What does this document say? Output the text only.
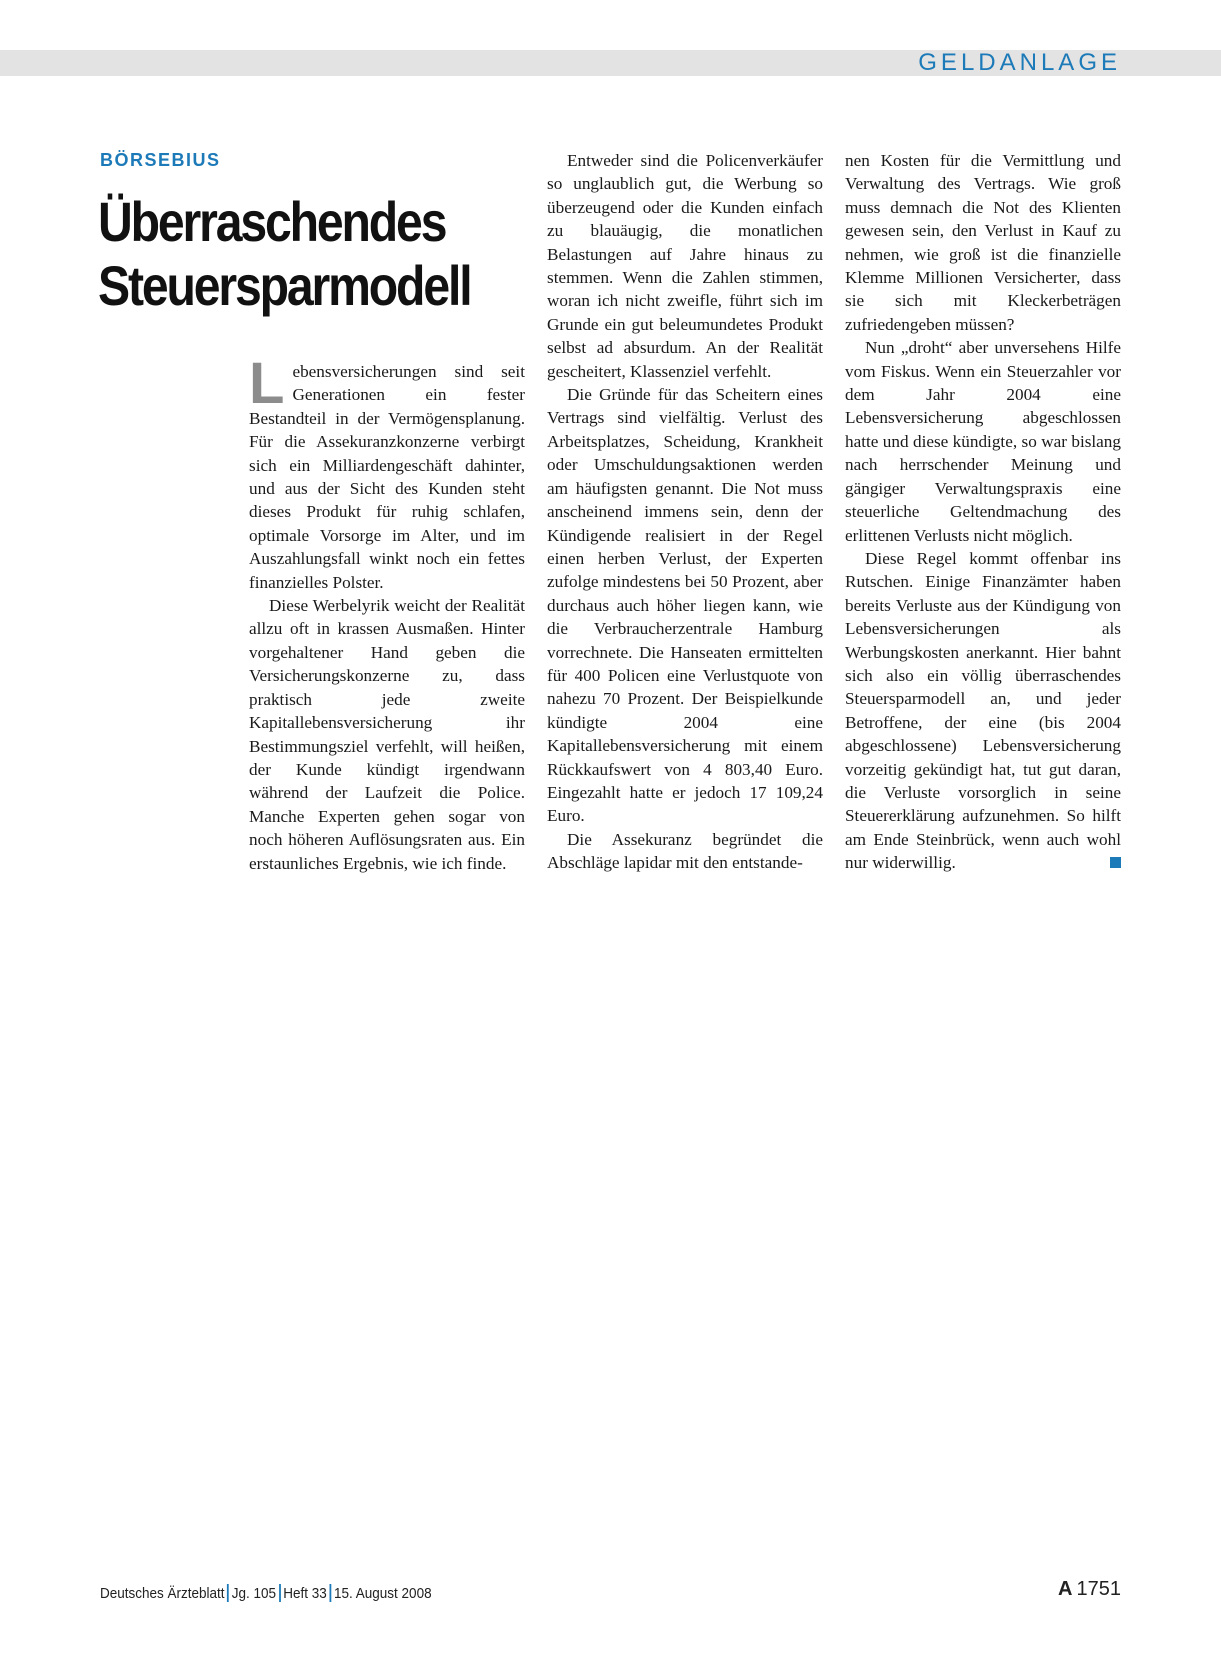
GELDANLAGE
BÖRSEBIUS
Überraschendes Steuersparmodell

Lebensversicherungen sind seit Generationen ein fester Bestandteil in der Vermögensplanung. Für die Assekuranzkonzerne verbirgt sich ein Milliardengeschäft dahinter, und aus der Sicht des Kunden steht dieses Produkt für ruhig schlafen, optimale Vorsorge im Alter, und im Auszahlungsfall winkt noch ein fettes finanzielles Polster.

Diese Werbelyrik weicht der Realität allzu oft in krassen Ausmaßen. Hinter vorgehaltener Hand geben die Versicherungskonzerne zu, dass praktisch jede zweite Kapitallebensversicherung ihr Bestimmungsziel verfehlt, will heißen, der Kunde kündigt irgendwann während der Laufzeit die Police. Manche Experten gehen sogar von noch höheren Auflösungsraten aus. Ein erstaunliches Ergebnis, wie ich finde.

Entweder sind die Policenverkäufer so unglaublich gut, die Werbung so überzeugend oder die Kunden einfach zu blauäugig, die monatlichen Belastungen auf Jahre hinaus zu stemmen. Wenn die Zahlen stimmen, woran ich nicht zweifle, führt sich im Grunde ein gut beleumundetes Produkt selbst ad absurdum. An der Realität gescheitert, Klassenziel verfehlt.

Die Gründe für das Scheitern eines Vertrags sind vielfältig. Verlust des Arbeitsplatzes, Scheidung, Krankheit oder Umschuldungsaktionen werden am häufigsten genannt. Die Not muss anscheinend immens sein, denn der Kündigende realisiert in der Regel einen herben Verlust, der Experten zufolge mindestens bei 50 Prozent, aber durchaus auch höher liegen kann, wie die Verbraucherzentrale Hamburg vorrechnete. Die Hanseaten ermittelten für 400 Policen eine Verlustquote von nahezu 70 Prozent. Der Beispielkunde kündigte 2004 eine Kapitallebensversicherung mit einem Rückkaufswert von 4 803,40 Euro. Eingezahlt hatte er jedoch 17 109,24 Euro.

Die Assekuranz begründet die Abschläge lapidar mit den entstande-

nen Kosten für die Vermittlung und Verwaltung des Vertrags. Wie groß muss demnach die Not des Klienten gewesen sein, den Verlust in Kauf zu nehmen, wie groß ist die finanzielle Klemme Millionen Versicherter, dass sie sich mit Kleckerbeträgen zufriedengeben müssen?

Nun „droht“ aber unversehens Hilfe vom Fiskus. Wenn ein Steuerzahler vor dem Jahr 2004 eine Lebensversicherung abgeschlossen hatte und diese kündigte, so war bislang nach herrschender Meinung und gängiger Verwaltungspraxis eine steuerliche Geltendmachung des erlittenen Verlusts nicht möglich.

Diese Regel kommt offenbar ins Rutschen. Einige Finanzämter haben bereits Verluste aus der Kündigung von Lebensversicherungen als Werbungskosten anerkannt. Hier bahnt sich also ein völlig überraschendes Steuersparmodell an, und jeder Betroffene, der eine (bis 2004 abgeschlossene) Lebensversicherung vorzeitig gekündigt hat, tut gut daran, die Verluste vorsorglich in seine Steuererklärung aufzunehmen. So hilft am Ende Steinbrück, wenn auch wohl nur widerwillig.

Deutsches Ärzteblatt Jg. 105 Heft 33 15. August 2008	A 1751
